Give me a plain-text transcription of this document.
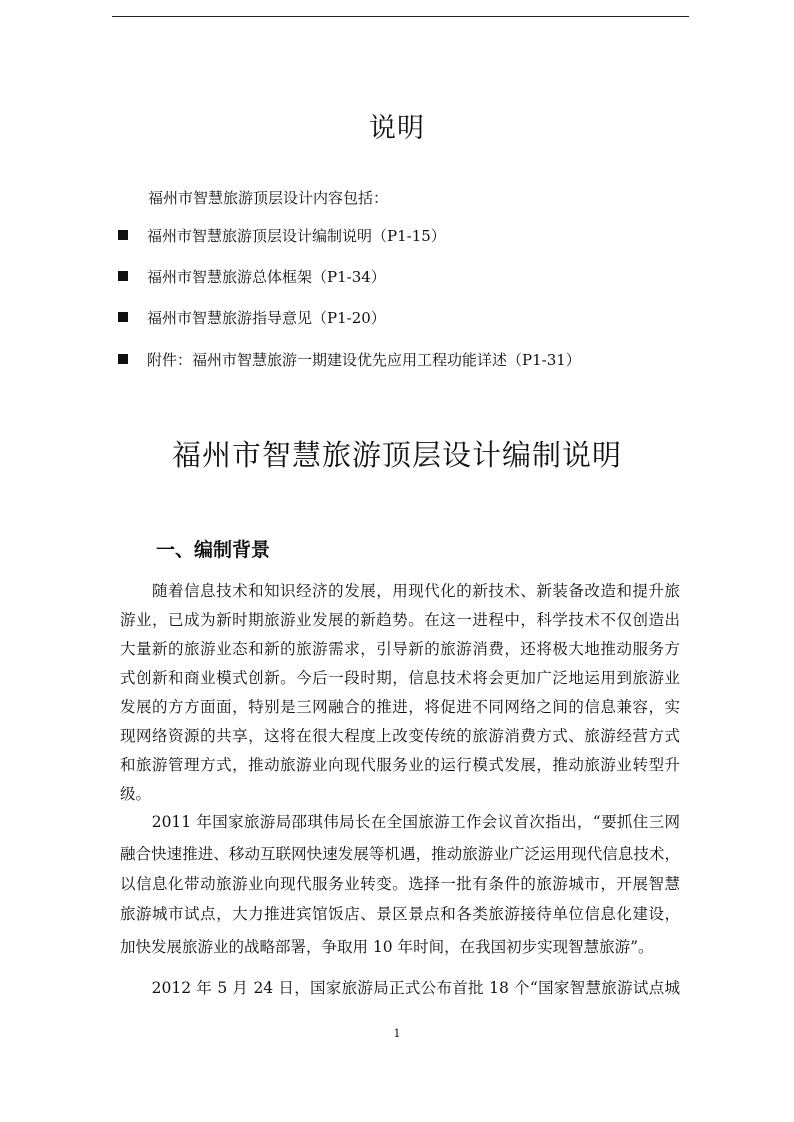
说明
福州市智慧旅游顶层设计内容包括：
福州市智慧旅游顶层设计编制说明（P1-15）
福州市智慧旅游总体框架（P1-34）
福州市智慧旅游指导意见（P1-20）
附件：福州市智慧旅游一期建设优先应用工程功能详述（P1-31）
福州市智慧旅游顶层设计编制说明
一、编制背景
　　随着信息技术和知识经济的发展，用现代化的新技术、新装备改造和提升旅
游业，已成为新时期旅游业发展的新趋势。在这一进程中，科学技术不仅创造出
大量新的旅游业态和新的旅游需求，引导新的旅游消费，还将极大地推动服务方
式创新和商业模式创新。今后一段时期，信息技术将会更加广泛地运用到旅游业
发展的方方面面，特别是三网融合的推进，将促进不同网络之间的信息兼容，实
现网络资源的共享，这将在很大程度上改变传统的旅游消费方式、旅游经营方式
和旅游管理方式，推动旅游业向现代服务业的运行模式发展，推动旅游业转型升
级。
　　2011 年国家旅游局邵琪伟局长在全国旅游工作会议首次指出，“要抓住三网
融合快速推进、移动互联网快速发展等机遇，推动旅游业广泛运用现代信息技术，
以信息化带动旅游业向现代服务业转变。选择一批有条件的旅游城市，开展智慧
旅游城市试点，大力推进宾馆饭店、景区景点和各类旅游接待单位信息化建设，
加快发展旅游业的战略部署，争取用 10 年时间，在我国初步实现智慧旅游”。
　　2012 年 5 月 24 日，国家旅游局正式公布首批 18 个“国家智慧旅游试点城
1
